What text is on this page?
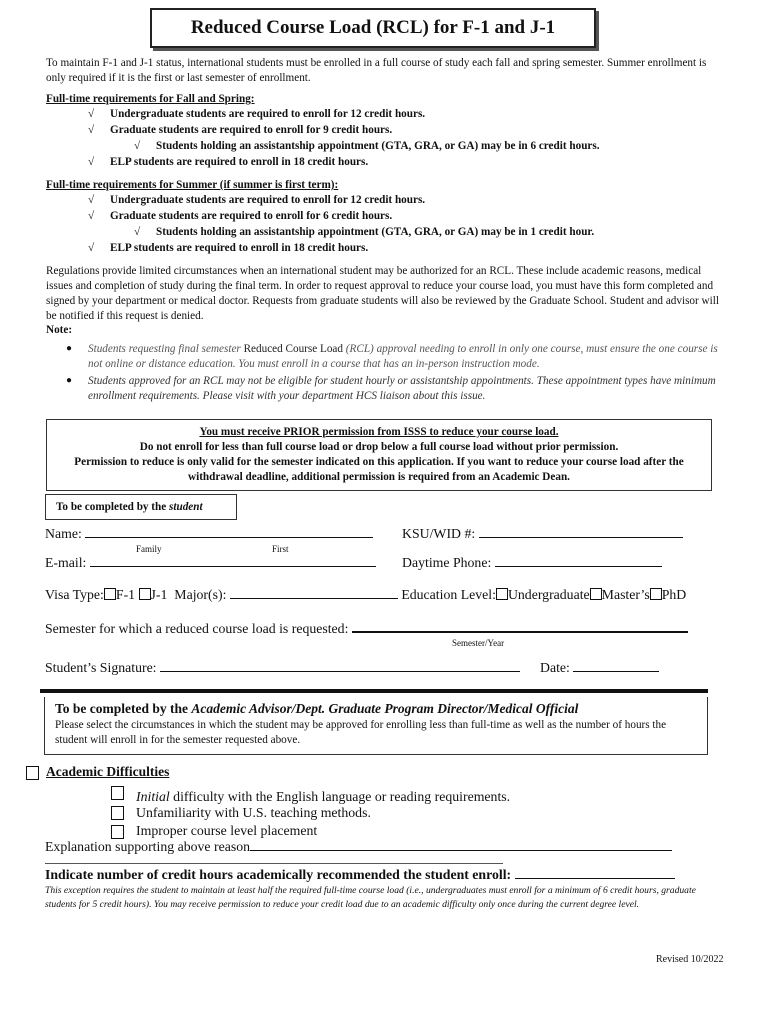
Reduced Course Load (RCL) for F-1 and J-1
To maintain F-1 and J-1 status, international students must be enrolled in a full course of study each fall and spring semester. Summer enrollment is only required if it is the first or last semester of enrollment.
Full-time requirements for Fall and Spring:
√ Undergraduate students are required to enroll for 12 credit hours.
√ Graduate students are required to enroll for 9 credit hours.
√ Students holding an assistantship appointment (GTA, GRA, or GA) may be in 6 credit hours.
√ ELP students are required to enroll in 18 credit hours.
Full-time requirements for Summer (if summer is first term):
√ Undergraduate students are required to enroll for 12 credit hours.
√ Graduate students are required to enroll for 6 credit hours.
√ Students holding an assistantship appointment (GTA, GRA, or GA) may be in 1 credit hour.
√ ELP students are required to enroll in 18 credit hours.
Regulations provide limited circumstances when an international student may be authorized for an RCL. These include academic reasons, medical issues and completion of study during the final term. In order to request approval to reduce your course load, you must have this form completed and signed by your department or medical doctor. Requests from graduate students will also be reviewed by the Graduate School. Student and advisor will be notified if this request is denied.
Note:
● Students requesting final semester Reduced Course Load (RCL) approval needing to enroll in only one course, must ensure the one course is not online or distance education. You must enroll in a course that has an in-person instruction mode.
● Students approved for an RCL may not be eligible for student hourly or assistantship appointments. These appointment types have minimum enrollment requirements. Please visit with your department HCS liaison about this issue.
You must receive PRIOR permission from ISSS to reduce your course load.
Do not enroll for less than full course load or drop below a full course load without prior permission.
Permission to reduce is only valid for the semester indicated on this application. If you want to reduce your course load after the withdrawal deadline, additional permission is required from an Academic Dean.
To be completed by the student
Name:	KSU/WID #:
Family	First
E-mail:	Daytime Phone:
Visa Type: F-1 J-1 Major(s):	Education Level: Undergraduate Master’s PhD
Semester for which a reduced course load is requested:
Semester/Year
Student’s Signature:	Date:
To be completed by the Academic Advisor/Dept. Graduate Program Director/Medical Official
Please select the circumstances in which the student may be approved for enrolling less than full-time as well as the number of hours the student will enroll in for the semester requested above.
Academic Difficulties
Initial difficulty with the English language or reading requirements.
Unfamiliarity with U.S. teaching methods.
Improper course level placement
Explanation supporting above reason
Indicate number of credit hours academically recommended the student enroll:
This exception requires the student to maintain at least half the required full-time course load (i.e., undergraduates must enroll for a minimum of 6 credit hours, graduate students for 5 credit hours). You may receive permission to reduce your credit load due to an academic difficulty only once during the current degree level.
Revised 10/2022
